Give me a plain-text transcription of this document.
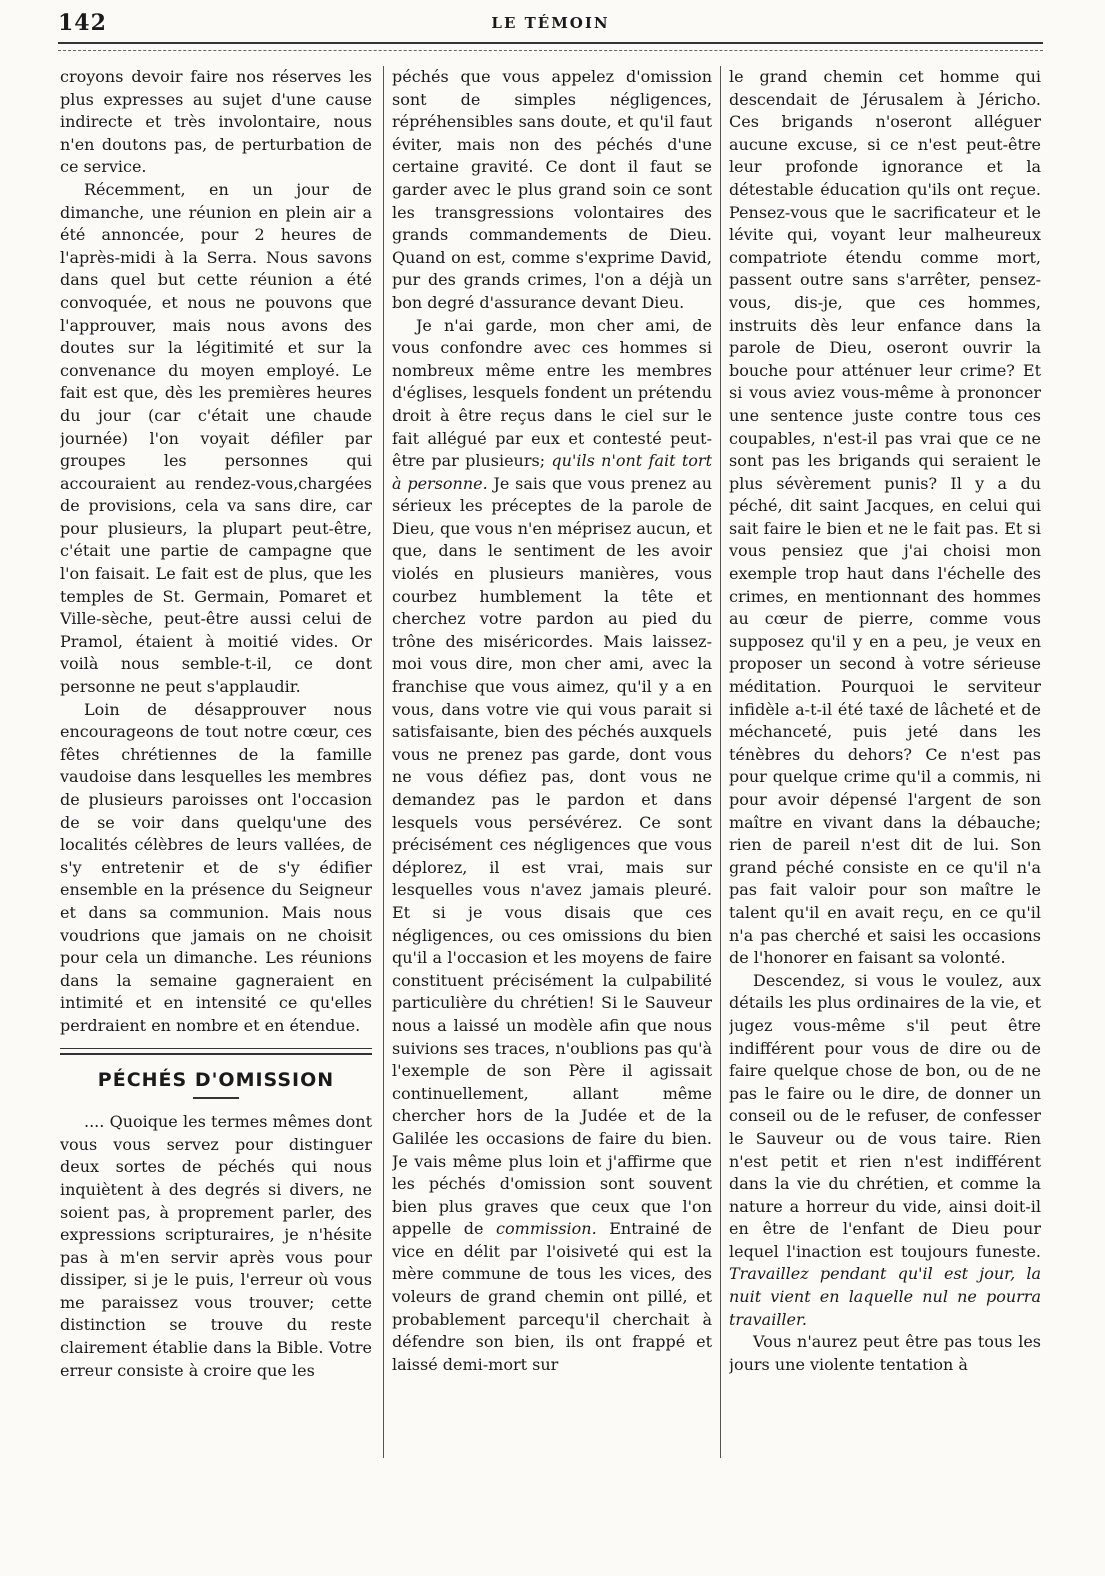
142	LE TÉMOIN

croyons devoir faire nos réserves les plus expresses au sujet d'une cause indirecte et très involontaire, nous n'en doutons pas, de perturbation de ce service.

Récemment, en un jour de dimanche, une réunion en plein air a été annoncée, pour 2 heures de l'après-midi à la Serra. Nous savons dans quel but cette réunion a été convoquée, et nous ne pouvons que l'approuver, mais nous avons des doutes sur la légitimité et sur la convenance du moyen employé. Le fait est que, dès les premières heures du jour (car c'était une chaude journée) l'on voyait défiler par groupes les personnes qui accouraient au rendez-vous,chargées de provisions, cela va sans dire, car pour plusieurs, la plupart peut-être, c'était une partie de campagne que l'on faisait. Le fait est de plus, que les temples de St. Germain, Pomaret et Ville-sèche, peut-être aussi celui de Pramol, étaient à moitié vides. Or voilà nous semble-t-il, ce dont personne ne peut s'applaudir.

Loin de désapprouver nous encourageons de tout notre cœur, ces fêtes chrétiennes de la famille vaudoise dans lesquelles les membres de plusieurs paroisses ont l'occasion de se voir dans quelqu'une des localités célèbres de leurs vallées, de s'y entretenir et de s'y édifier ensemble en la présence du Seigneur et dans sa communion. Mais nous voudrions que jamais on ne choisit pour cela un dimanche. Les réunions dans la semaine gagneraient en intimité et en intensité ce qu'elles perdraient en nombre et en étendue.

PÉCHÉS D'OMISSION

.... Quoique les termes mêmes dont vous vous servez pour distinguer deux sortes de péchés qui nous inquiètent à des degrés si divers, ne soient pas, à proprement parler, des expressions scripturaires, je n'hésite pas à m'en servir après vous pour dissiper, si je le puis, l'erreur où vous me paraissez vous trouver; cette distinction se trouve du reste clairement établie dans la Bible. Votre erreur consiste à croire que les

péchés que vous appelez d'omission sont de simples négligences, répréhensibles sans doute, et qu'il faut éviter, mais non des péchés d'une certaine gravité. Ce dont il faut se garder avec le plus grand soin ce sont les transgressions volontaires des grands commandements de Dieu. Quand on est, comme s'exprime David, pur des grands crimes, l'on a déjà un bon degré d'assurance devant Dieu.

Je n'ai garde, mon cher ami, de vous confondre avec ces hommes si nombreux même entre les membres d'églises, lesquels fondent un prétendu droit à être reçus dans le ciel sur le fait allégué par eux et contesté peut-être par plusieurs; qu'ils n'ont fait tort à personne. Je sais que vous prenez au sérieux les préceptes de la parole de Dieu, que vous n'en méprisez aucun, et que, dans le sentiment de les avoir violés en plusieurs manières, vous courbez humblement la tête et cherchez votre pardon au pied du trône des miséricordes. Mais laissez-moi vous dire, mon cher ami, avec la franchise que vous aimez, qu'il y a en vous, dans votre vie qui vous parait si satisfaisante, bien des péchés auxquels vous ne prenez pas garde, dont vous ne vous défiez pas, dont vous ne demandez pas le pardon et dans lesquels vous persévérez. Ce sont précisément ces négligences que vous déplorez, il est vrai, mais sur lesquelles vous n'avez jamais pleuré. Et si je vous disais que ces négligences, ou ces omissions du bien qu'il a l'occasion et les moyens de faire constituent précisément la culpabilité particulière du chrétien! Si le Sauveur nous a laissé un modèle afin que nous suivions ses traces, n'oublions pas qu'à l'exemple de son Père il agissait continuellement, allant même chercher hors de la Judée et de la Galilée les occasions de faire du bien. Je vais même plus loin et j'affirme que les péchés d'omission sont souvent bien plus graves que ceux que l'on appelle de commission. Entrainé de vice en délit par l'oisiveté qui est la mère commune de tous les vices, des voleurs de grand chemin ont pillé, et probablement parcequ'il cherchait à défendre son bien, ils ont frappé et laissé demi-mort sur

le grand chemin cet homme qui descendait de Jérusalem à Jéricho. Ces brigands n'oseront alléguer aucune excuse, si ce n'est peut-être leur profonde ignorance et la détestable éducation qu'ils ont reçue. Pensez-vous que le sacrificateur et le lévite qui, voyant leur malheureux compatriote étendu comme mort, passent outre sans s'arrêter, pensez-vous, dis-je, que ces hommes, instruits dès leur enfance dans la parole de Dieu, oseront ouvrir la bouche pour atténuer leur crime? Et si vous aviez vous-même à prononcer une sentence juste contre tous ces coupables, n'est-il pas vrai que ce ne sont pas les brigands qui seraient le plus sévèrement punis? Il y a du péché, dit saint Jacques, en celui qui sait faire le bien et ne le fait pas. Et si vous pensiez que j'ai choisi mon exemple trop haut dans l'échelle des crimes, en mentionnant des hommes au cœur de pierre, comme vous supposez qu'il y en a peu, je veux en proposer un second à votre sérieuse méditation. Pourquoi le serviteur infidèle a-t-il été taxé de lâcheté et de méchanceté, puis jeté dans les ténèbres du dehors? Ce n'est pas pour quelque crime qu'il a commis, ni pour avoir dépensé l'argent de son maître en vivant dans la débauche; rien de pareil n'est dit de lui. Son grand péché consiste en ce qu'il n'a pas fait valoir pour son maître le talent qu'il en avait reçu, en ce qu'il n'a pas cherché et saisi les occasions de l'honorer en faisant sa volonté.

Descendez, si vous le voulez, aux détails les plus ordinaires de la vie, et jugez vous-même s'il peut être indifférent pour vous de dire ou de faire quelque chose de bon, ou de ne pas le faire ou le dire, de donner un conseil ou de le refuser, de confesser le Sauveur ou de vous taire. Rien n'est petit et rien n'est indifférent dans la vie du chrétien, et comme la nature a horreur du vide, ainsi doit-il en être de l'enfant de Dieu pour lequel l'inaction est toujours funeste. Travaillez pendant qu'il est jour, la nuit vient en laquelle nul ne pourra travailler.

Vous n'aurez peut être pas tous les jours une violente tentation à
